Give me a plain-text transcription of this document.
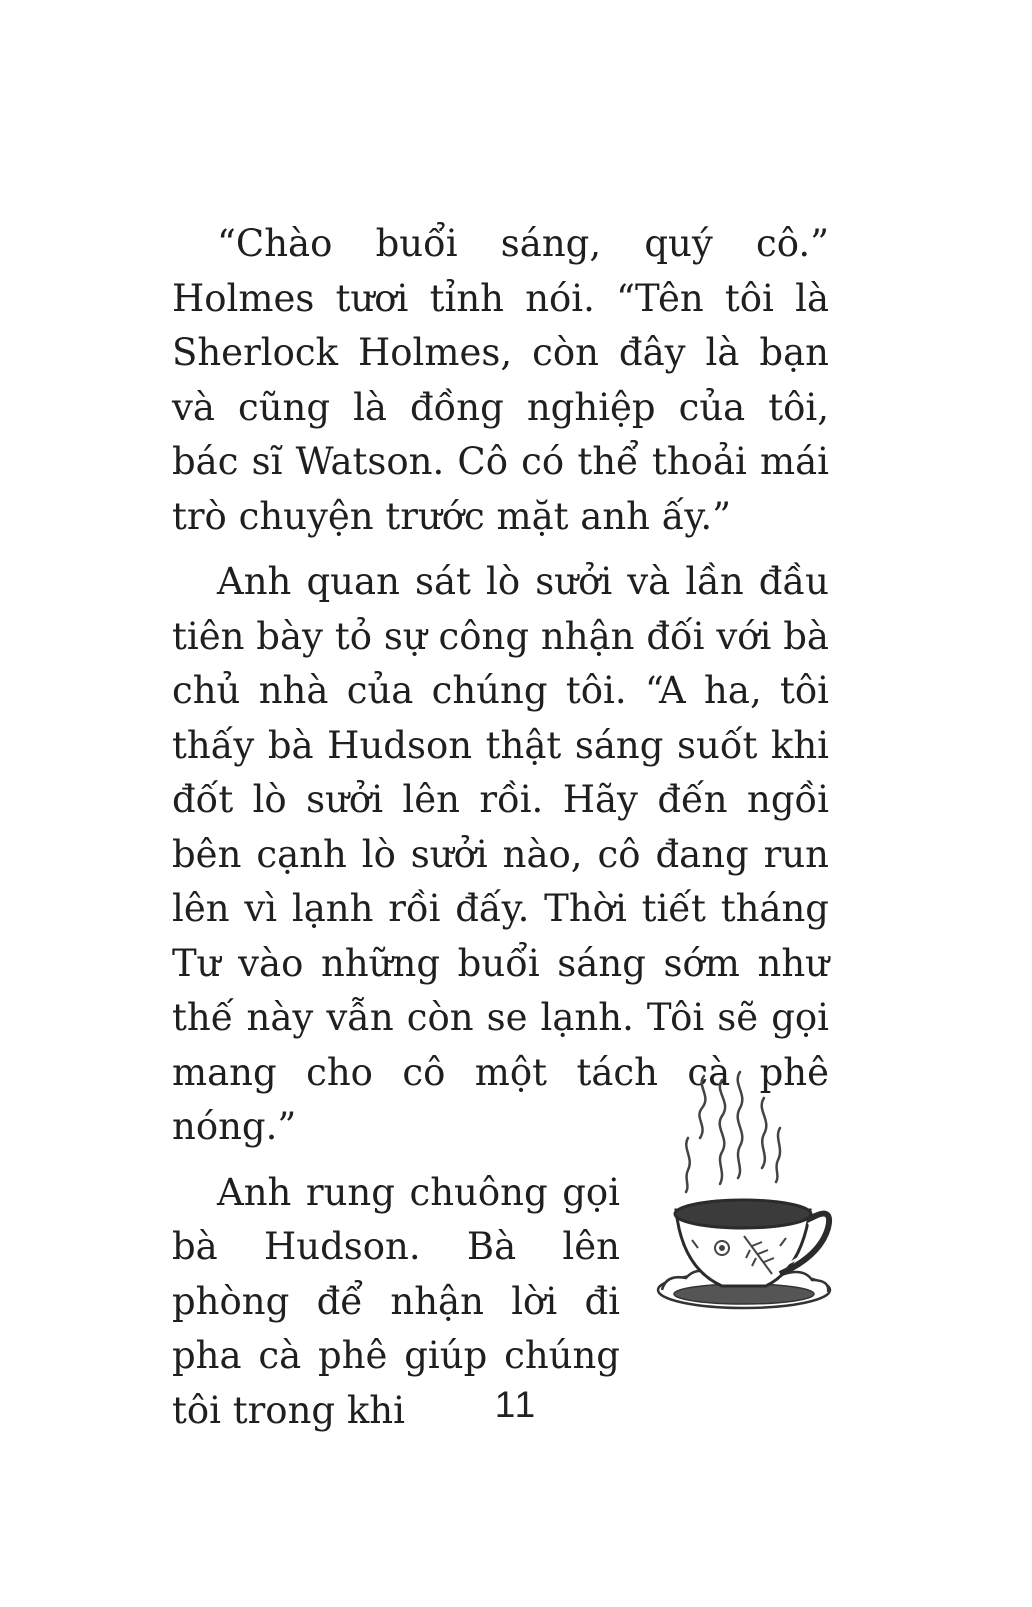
“Chào buổi sáng, quý cô.” Holmes tươi tỉnh nói. “Tên tôi là Sherlock Holmes, còn đây là bạn và cũng là đồng nghiệp của tôi, bác sĩ Watson. Cô có thể thoải mái trò chuyện trước mặt anh ấy.”

Anh quan sát lò sưởi và lần đầu tiên bày tỏ sự công nhận đối với bà chủ nhà của chúng tôi. “A ha, tôi thấy bà Hudson thật sáng suốt khi đốt lò sưởi lên rồi. Hãy đến ngồi bên cạnh lò sưởi nào, cô đang run lên vì lạnh rồi đấy. Thời tiết tháng Tư vào những buổi sáng sớm như thế này vẫn còn se lạnh. Tôi sẽ gọi mang cho cô một tách cà phê nóng.”

Anh rung chuông gọi bà Hudson. Bà lên phòng để nhận lời đi pha cà phê giúp chúng tôi trong khi	11
